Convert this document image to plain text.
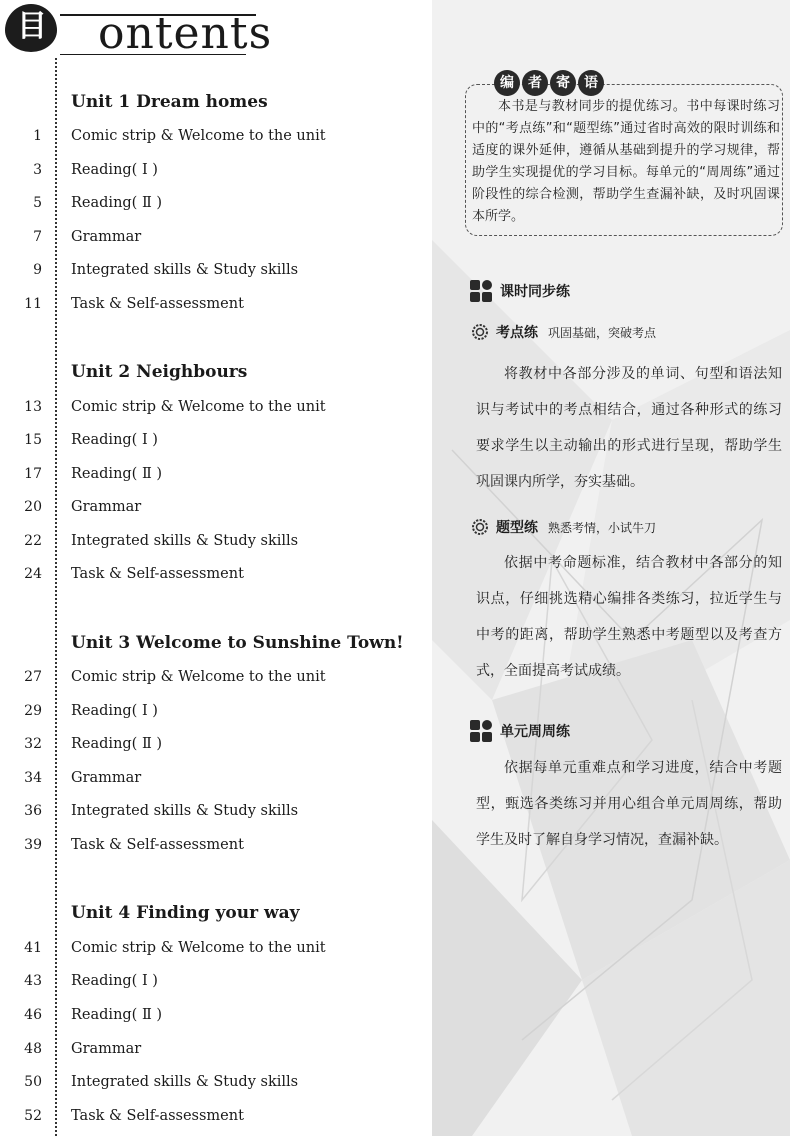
目录
ontents
Unit 1 Dream homes
1 Comic strip & Welcome to the unit
3 Reading( Ⅰ )
5 Reading( Ⅱ )
7 Grammar
9 Integrated skills & Study skills
11 Task & Self-assessment
Unit 2 Neighbours
13 Comic strip & Welcome to the unit
15 Reading( Ⅰ )
17 Reading( Ⅱ )
20 Grammar
22 Integrated skills & Study skills
24 Task & Self-assessment
Unit 3 Welcome to Sunshine Town!
27 Comic strip & Welcome to the unit
29 Reading( Ⅰ )
32 Reading( Ⅱ )
34 Grammar
36 Integrated skills & Study skills
39 Task & Self-assessment
Unit 4 Finding your way
41 Comic strip & Welcome to the unit
43 Reading( Ⅰ )
46 Reading( Ⅱ )
48 Grammar
50 Integrated skills & Study skills
52 Task & Self-assessment
编	者	寄	语
本书是与教材同步的提优练习。书中每课时练习中的“考点练”和“题型练”通过省时高效的限时训练和适度的课外延伸，遵循从基础到提升的学习规律，帮助学生实现提优的学习目标。每单元的“周周练”通过阶段性的综合检测，帮助学生查漏补缺，及时巩固课本所学。
课时同步练
考点练 巩固基础，突破考点
将教材中各部分涉及的单词、句型和语法知识与考试中的考点相结合，通过各种形式的练习要求学生以主动输出的形式进行呈现，帮助学生巩固课内所学，夯实基础。
题型练 熟悉考情，小试牛刀
依据中考命题标准，结合教材中各部分的知识点，仔细挑选精心编排各类练习，拉近学生与中考的距离，帮助学生熟悉中考题型以及考查方式，全面提高考试成绩。
单元周周练
依据每单元重难点和学习进度，结合中考题型，甄选各类练习并用心组合单元周周练，帮助学生及时了解自身学习情况，查漏补缺。
